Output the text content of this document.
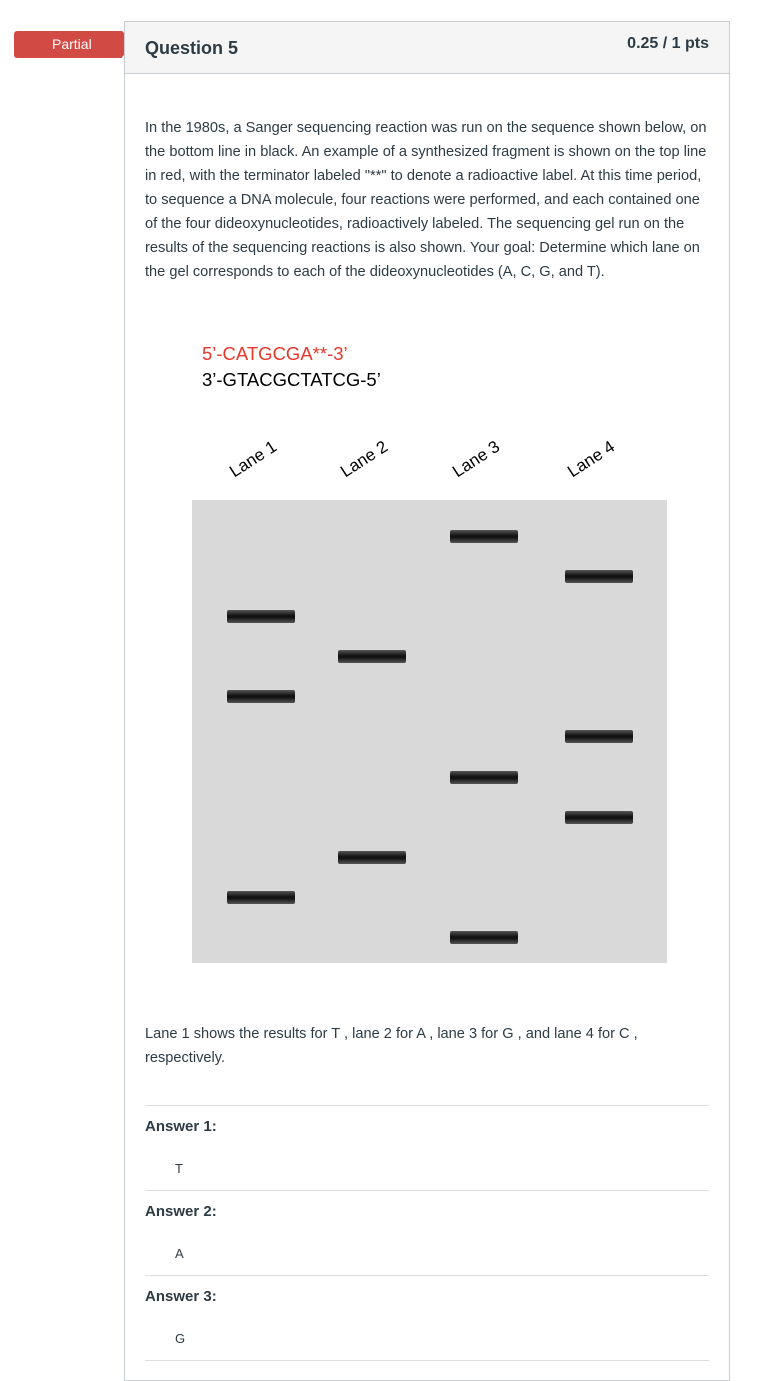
Partial	Question 5	0.25 / 1 pts
In the 1980s, a Sanger sequencing reaction was run on the sequence shown below, on the bottom line in black. An example of a synthesized fragment is shown on the top line in red, with the terminator labeled "**" to denote a radioactive label. At this time period, to sequence a DNA molecule, four reactions were performed, and each contained one of the four dideoxynucleotides, radioactively labeled. The sequencing gel run on the results of the sequencing reactions is also shown. Your goal: Determine which lane on the gel corresponds to each of the dideoxynucleotides (A, C, G, and T).
5’-CATGCGA**-3’
3’-GTACGCTATCG-5’
Lane 1	Lane 2	Lane 3	Lane 4
Lane 1 shows the results for T , lane 2 for A , lane 3 for G , and lane 4 for C , respectively.
Answer 1:
T
Answer 2:
A
Answer 3:
G
